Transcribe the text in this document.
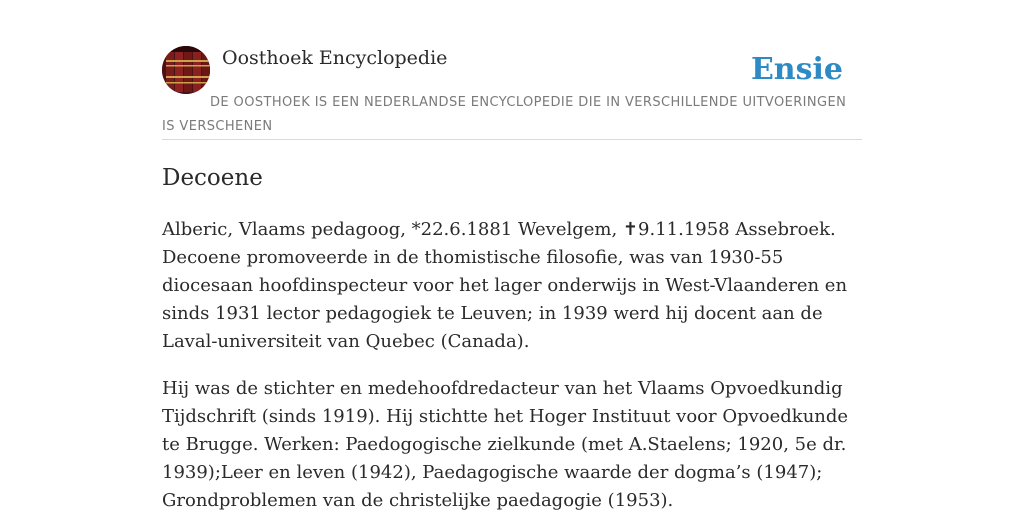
Oosthoek Encyclopedie	Ensie
DE OOSTHOEK IS EEN NEDERLANDSE ENCYCLOPEDIE DIE IN VERSCHILLENDE UITVOERINGEN IS VERSCHENEN
Decoene

Alberic, Vlaams pedagoog, *22.6.1881 Wevelgem, ✝9.11.1958 Assebroek. Decoene promoveerde in de thomistische filosofie, was van 1930-55 diocesaan hoofdinspecteur voor het lager onderwijs in West-Vlaanderen en sinds 1931 lector pedagogiek te Leuven; in 1939 werd hij docent aan de Laval-universiteit van Quebec (Canada).

Hij was de stichter en medehoofdredacteur van het Vlaams Opvoedkundig Tijdschrift (sinds 1919). Hij stichtte het Hoger Instituut voor Opvoedkunde te Brugge. Werken: Paedogogische zielkunde (met A.Staelens; 1920, 5e dr. 1939);Leer en leven (1942), Paedagogische waarde der dogma’s (1947); Grondproblemen van de christelijke paedagogie (1953).
